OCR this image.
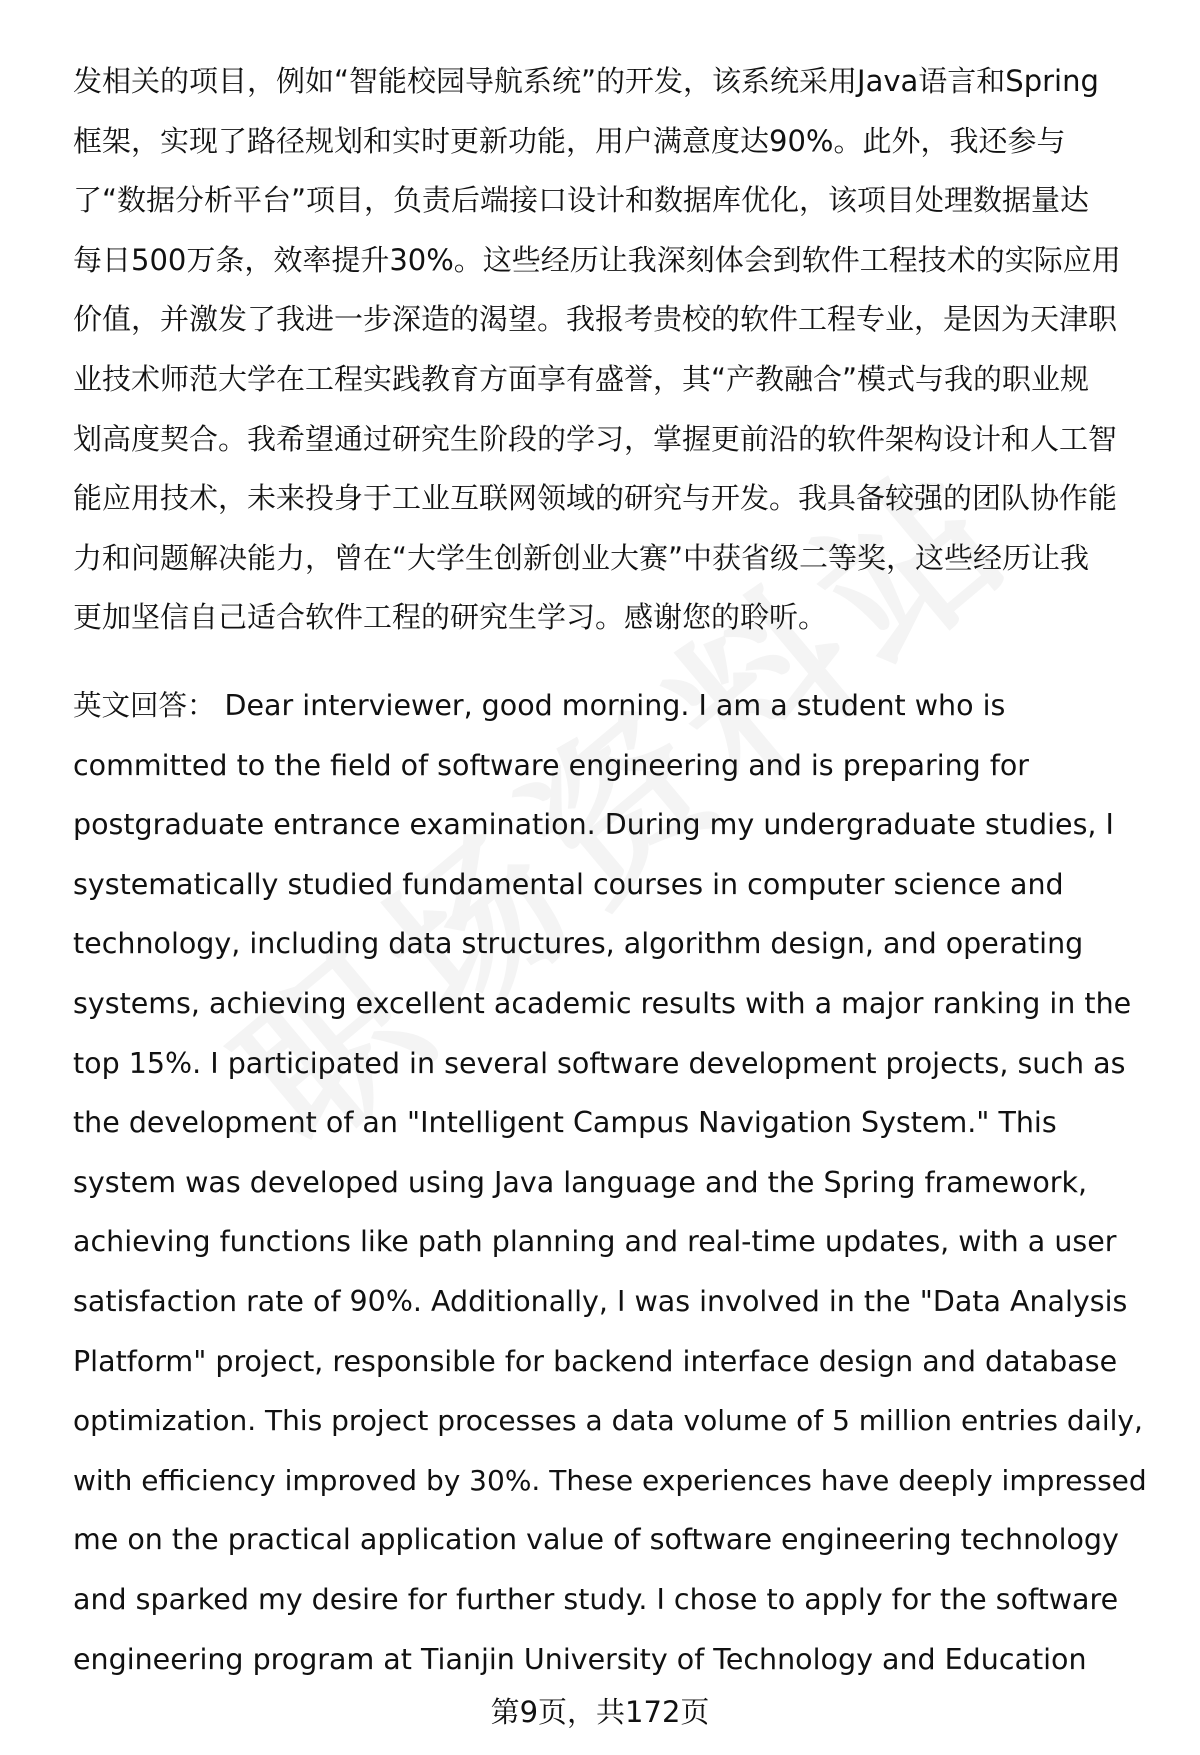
发相关的项目，例如“智能校园导航系统”的开发，该系统采用Java语言和Spring
框架，实现了路径规划和实时更新功能，用户满意度达90%。此外，我还参与
了“数据分析平台”项目，负责后端接口设计和数据库优化，该项目处理数据量达
每日500万条，效率提升30%。这些经历让我深刻体会到软件工程技术的实际应用
价值，并激发了我进一步深造的渴望。我报考贵校的软件工程专业，是因为天津职
业技术师范大学在工程实践教育方面享有盛誉，其“产教融合”模式与我的职业规
划高度契合。我希望通过研究生阶段的学习，掌握更前沿的软件架构设计和人工智
能应用技术，未来投身于工业互联网领域的研究与开发。我具备较强的团队协作能
力和问题解决能力，曾在“大学生创新创业大赛”中获省级二等奖，这些经历让我
更加坚信自己适合软件工程的研究生学习。感谢您的聆听。
英文回答： Dear interviewer, good morning. I am a student who is
committed to the field of software engineering and is preparing for
postgraduate entrance examination. During my undergraduate studies, I
systematically studied fundamental courses in computer science and
technology, including data structures, algorithm design, and operating
systems, achieving excellent academic results with a major ranking in the
top 15%. I participated in several software development projects, such as
the development of an "Intelligent Campus Navigation System." This
system was developed using Java language and the Spring framework,
achieving functions like path planning and real-time updates, with a user
satisfaction rate of 90%. Additionally, I was involved in the "Data Analysis
Platform" project, responsible for backend interface design and database
optimization. This project processes a data volume of 5 million entries daily,
with efficiency improved by 30%. These experiences have deeply impressed
me on the practical application value of software engineering technology
and sparked my desire for further study. I chose to apply for the software
engineering program at Tianjin University of Technology and Education
第9页，共172页
